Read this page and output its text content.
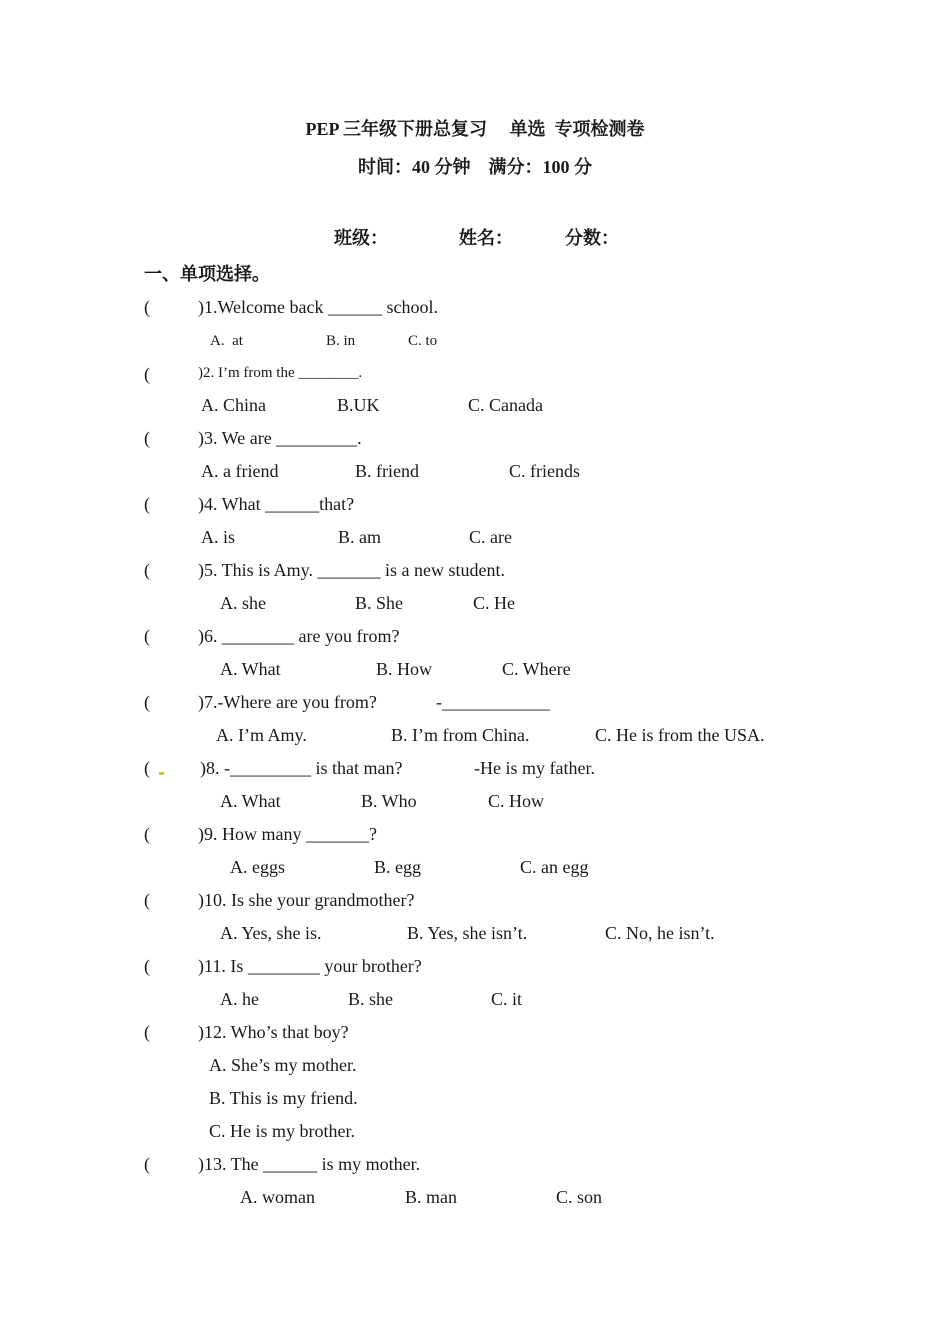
PEP 三年级下册总复习　 单选  专项检测卷
时间：40 分钟　满分：100 分
班级：	姓名：	分数：
一、单项选择。
(	)1.Welcome back ______ school.
A.  at	B. in	C. to
(	)2. I’m from the ________.
A. China	B.UK	C. Canada
(	)3. We are _________.
A. a friend	B. friend	C. friends
(	)4. What ______that?
A. is	B. am	C. are
(	)5. This is Amy. _______ is a new student.
A. she	B. She	C. He
(	)6. ________ are you from?
A. What	B. How	C. Where
(	)7.-Where are you from?	-____________
A. I’m Amy.	B. I’m from China.	C. He is from the USA.
(	)8. -_________ is that man?	-He is my father.
A. What	B. Who	C. How
(	)9. How many _______?
A. eggs	B. egg	C. an egg
(	)10. Is she your grandmother?
A. Yes, she is.	B. Yes, she isn’t.	C. No, he isn’t.
(	)11. Is ________ your brother?
A. he	B. she	C. it
(	)12. Who’s that boy?
A. She’s my mother.
B. This is my friend.
C. He is my brother.
(	)13. The ______ is my mother.
A. woman	B. man	C. son
